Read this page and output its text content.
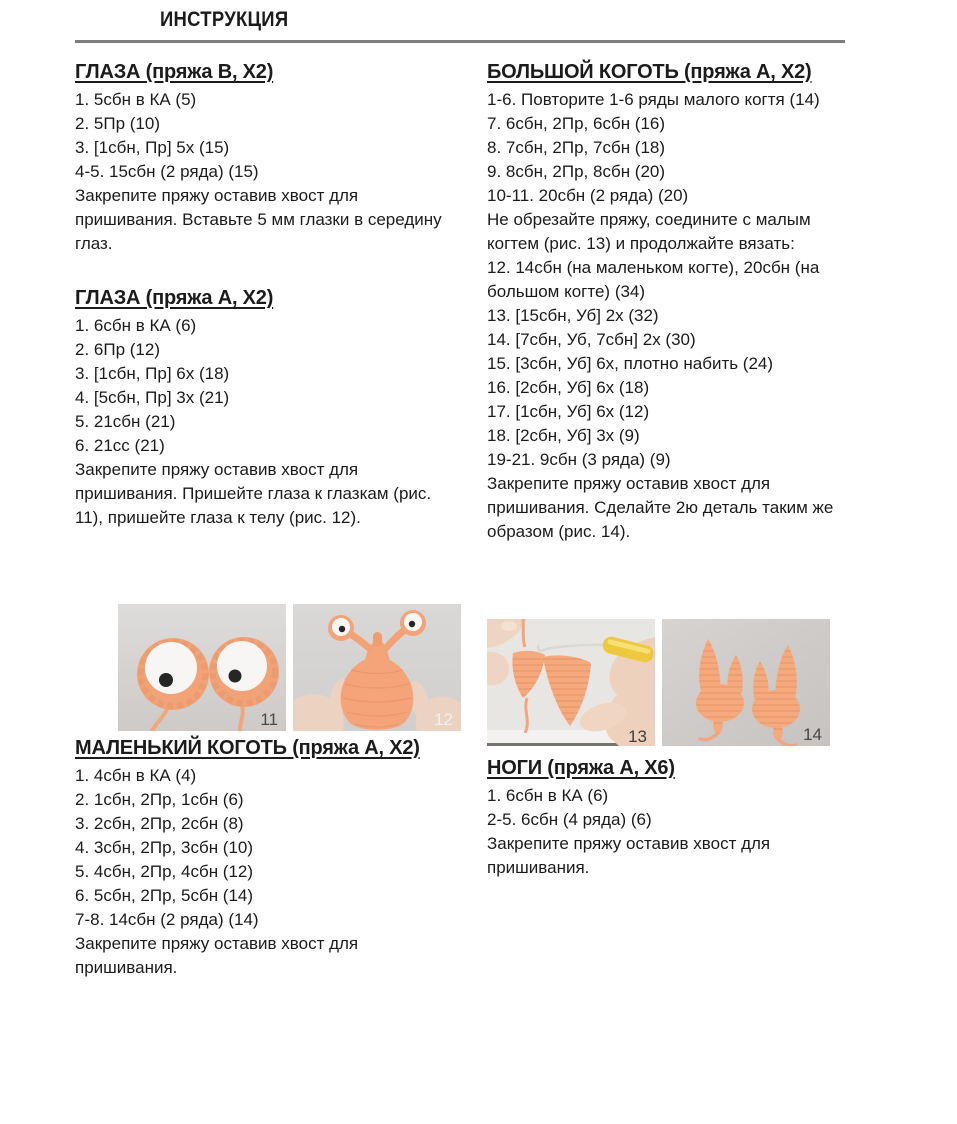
ИНСТРУКЦИЯ
ГЛАЗА (пряжа B, X2)
1. 5сбн в КА (5)
2. 5Пр (10)
3. [1сбн, Пр] 5x (15)
4-5. 15сбн (2 ряда) (15)
Закрепите пряжу оставив хвост для пришивания. Вставьте 5 мм глазки в середину глаз.
ГЛАЗА (пряжа А, X2)
1. 6сбн в КА (6)
2. 6Пр (12)
3. [1сбн, Пр] 6x (18)
4. [5сбн, Пр] 3x (21)
5. 21сбн (21)
6. 21сс (21)
Закрепите пряжу оставив хвост для пришивания. Пришейте глаза к глазкам (рис. 11), пришейте глаза к телу (рис. 12).
БОЛЬШОЙ КОГОТЬ (пряжа А, X2)
1-6. Повторите 1-6 ряды малого когтя (14)
7. 6сбн, 2Пр, 6сбн (16)
8. 7сбн, 2Пр, 7сбн (18)
9. 8сбн, 2Пр, 8сбн (20)
10-11. 20сбн (2 ряда) (20)
Не обрезайте пряжу, соедините с малым когтем (рис. 13) и продолжайте вязать:
12. 14сбн (на маленьком когте), 20сбн (на большом когте) (34)
13. [15сбн, Уб] 2x (32)
14. [7сбн, Уб, 7сбн] 2x (30)
15. [3сбн, Уб] 6x, плотно набить (24)
16. [2сбн, Уб] 6x (18)
17. [1сбн, Уб] 6x (12)
18. [2сбн, Уб] 3x (9)
19-21. 9сбн (3 ряда) (9)
Закрепите пряжу оставив хвост для пришивания. Сделайте 2ю деталь таким же образом (рис. 14).
11	12
МАЛЕНЬКИЙ КОГОТЬ (пряжа А, X2)
1. 4сбн в КА (4)
2. 1сбн, 2Пр, 1сбн (6)
3. 2сбн, 2Пр, 2сбн (8)
4. 3сбн, 2Пр, 3сбн (10)
5. 4сбн, 2Пр, 4сбн (12)
6. 5сбн, 2Пр, 5сбн (14)
7-8. 14сбн (2 ряда) (14)
Закрепите пряжу оставив хвост для пришивания.
13	14
НОГИ (пряжа А, X6)
1. 6сбн в КА (6)
2-5. 6сбн (4 ряда) (6)
Закрепите пряжу оставив хвост для пришивания.
